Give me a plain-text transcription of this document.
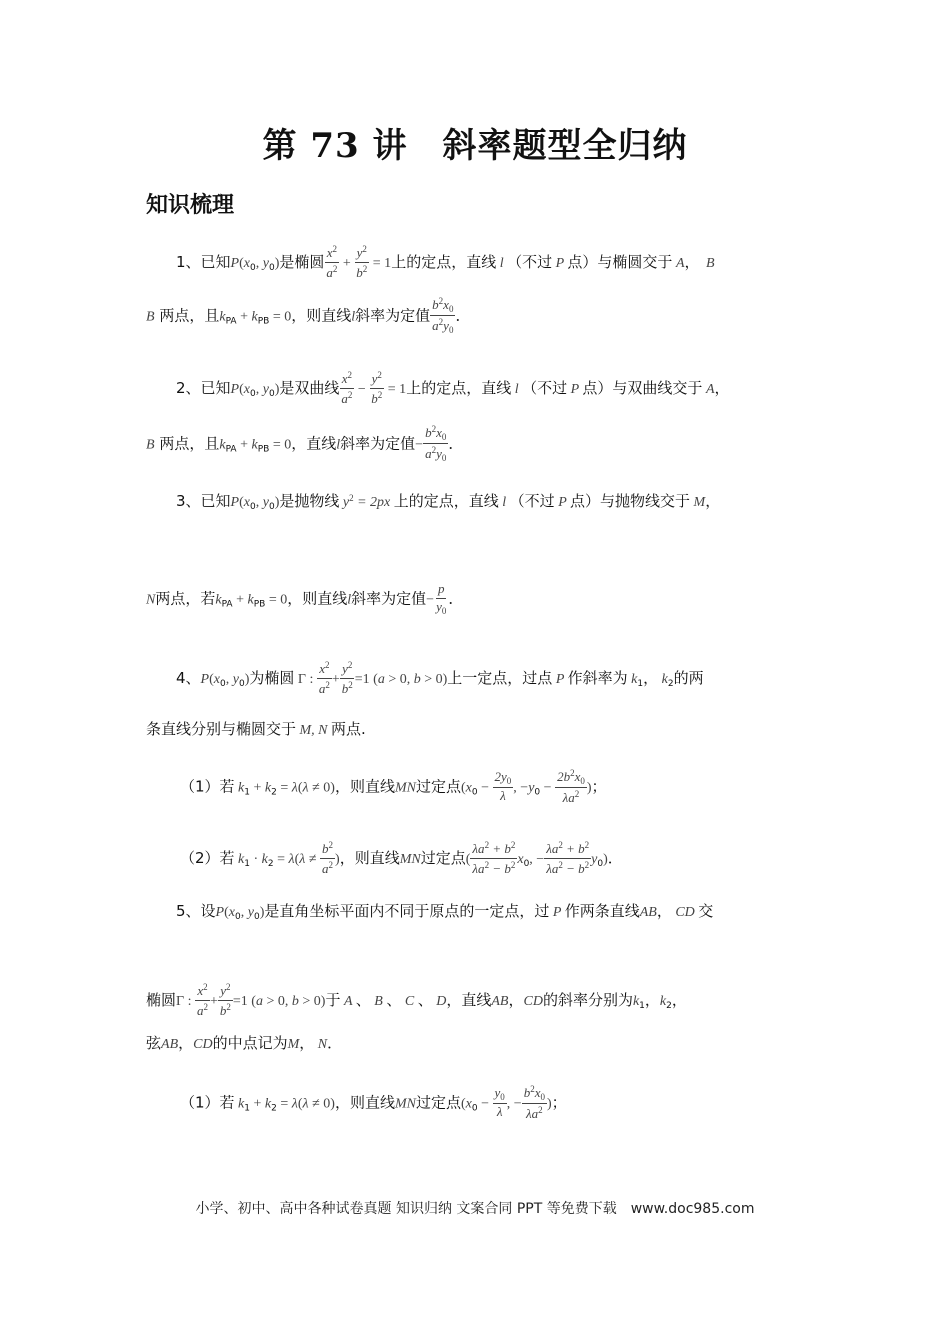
第 73 讲　斜率题型全归纳
知识梳理
1、已知$P(x_0$, $y_0$)是椭圆 $\frac{x^2}{a^2} + \frac{y^2}{b^2} = 1$上的定点，直线 l （不过 P 点）与椭圆交于 A，　B
B 两点，且$k_{PA} + k_{PB} = 0$，则直线l斜率为定值 $\frac{b^2x_0}{a^2y_0}$ ．
2、已知$P(x_0$, $y_0$)是双曲线 $\frac{x^2}{a^2} - \frac{y^2}{b^2} = 1$上的定点，直线 l （不过 P 点）与双曲线交于 A，
B 两点，且$k_{PA} + k_{PB} = 0$，直线l斜率为定值− $\frac{b^2x_0}{a^2y_0}$ ．
3、已知$P(x_0$, $y_0$)是抛物线 $y^2 = 2px$ 上的定点，直线 l （不过 P 点）与抛物线交于 M，
N两点，若$k_{PA} + k_{PB} = 0$，则直线l斜率为定值− $\frac{p}{y_0}$ ．
4、$P(x_0$, $y_0$)为椭圆 Γ : $\frac{x^2}{a^2} + \frac{y^2}{b^2} =1$ (a > 0, b > 0)上一定点，过点 P 作斜率为 $k_1$， $k_2$的两
条直线分别与椭圆交于 M, N 两点.
（1）若 $k_1 + k_2 = \lambda(\lambda \ne 0)$，则直线MN过定点($x_0 - \frac{2y_0}{\lambda}$ , $-y_0 - \frac{2b^2x_0}{\lambda a^2}$ )；
（2）若 $k_1 \cdot k_2 = \lambda(\lambda \ne \frac{b^2}{a^2}$ )，则直线MN过定点( $\frac{\lambda a^2 + b^2}{\lambda a^2 - b^2} x_0$, − $\frac{\lambda a^2 + b^2}{\lambda a^2 - b^2} y_0$)．
5、设$P(x_0$, $y_0$)是直角坐标平面内不同于原点的一定点，过 P 作两条直线AB， CD 交
椭圆Γ : $\frac{x^2}{a^2} + \frac{y^2}{b^2} =1$ (a > 0, b > 0)于 A 、 B 、 C 、 D，直线AB，CD的斜率分别为$k_1$，$k_2$，
弦AB，CD的中点记为M， N．
（1）若 $k_1 + k_2 = \lambda(\lambda \ne 0)$，则直线MN过定点($x_0 - \frac{y_0}{\lambda}$ , − $\frac{b^2x_0}{\lambda a^2}$ )；
小学、初中、高中各种试卷真题 知识归纳 文案合同 PPT 等免费下载　www.doc985.com
